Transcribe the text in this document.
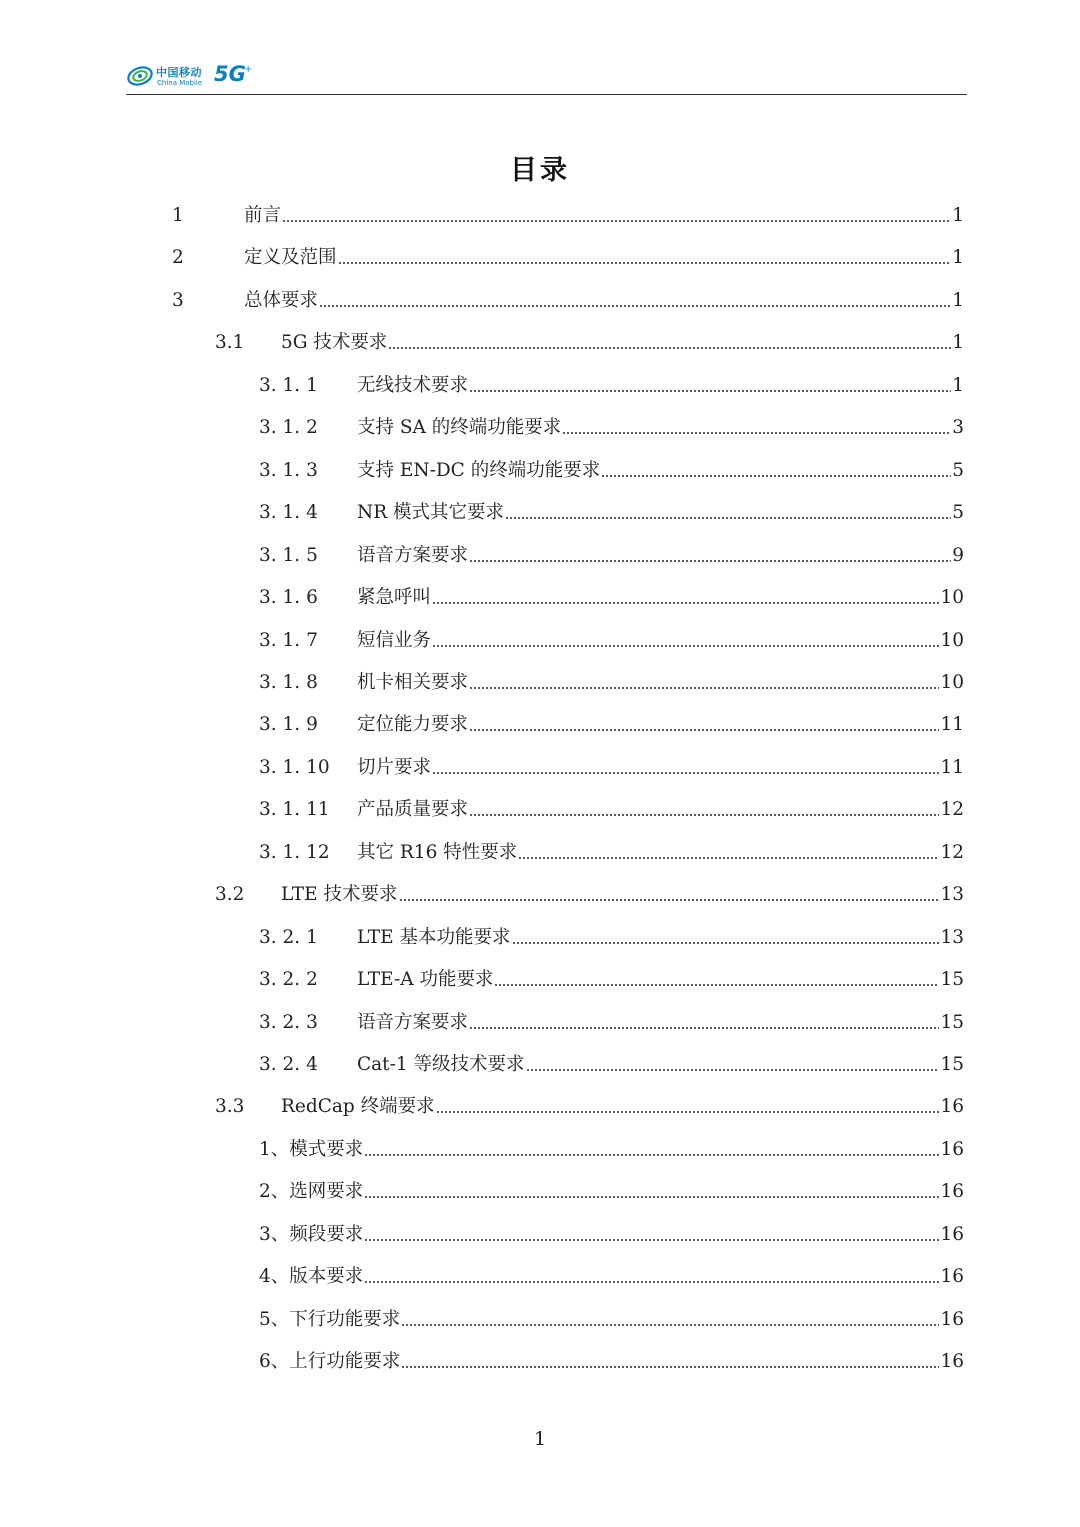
中国移动
China Mobile 5G
+
目录
1	前言	1
2	定义及范围	1
3	总体要求	1
3.1 5G 技术要求	1
3. 1. 1 无线技术要求	1
3. 1. 2 支持 SA 的终端功能要求	3
3. 1. 3 支持 EN-DC 的终端功能要求	5
3. 1. 4 NR 模式其它要求	5
3. 1. 5 语音方案要求	9
3. 1. 6 紧急呼叫	10
3. 1. 7 短信业务	10
3. 1. 8 机卡相关要求	10
3. 1. 9 定位能力要求	11
3. 1. 10 切片要求	11
3. 1. 11 产品质量要求	12
3. 1. 12 其它 R16 特性要求	12
3.2 LTE 技术要求	13
3. 2. 1 LTE 基本功能要求	13
3. 2. 2 LTE-A 功能要求	15
3. 2. 3 语音方案要求	15
3. 2. 4 Cat-1 等级技术要求	15
3.3 RedCap 终端要求	16
1、模式要求	16
2、选网要求	16
3、频段要求	16
4、版本要求	16
5、下行功能要求	16
6、上行功能要求	16
1
